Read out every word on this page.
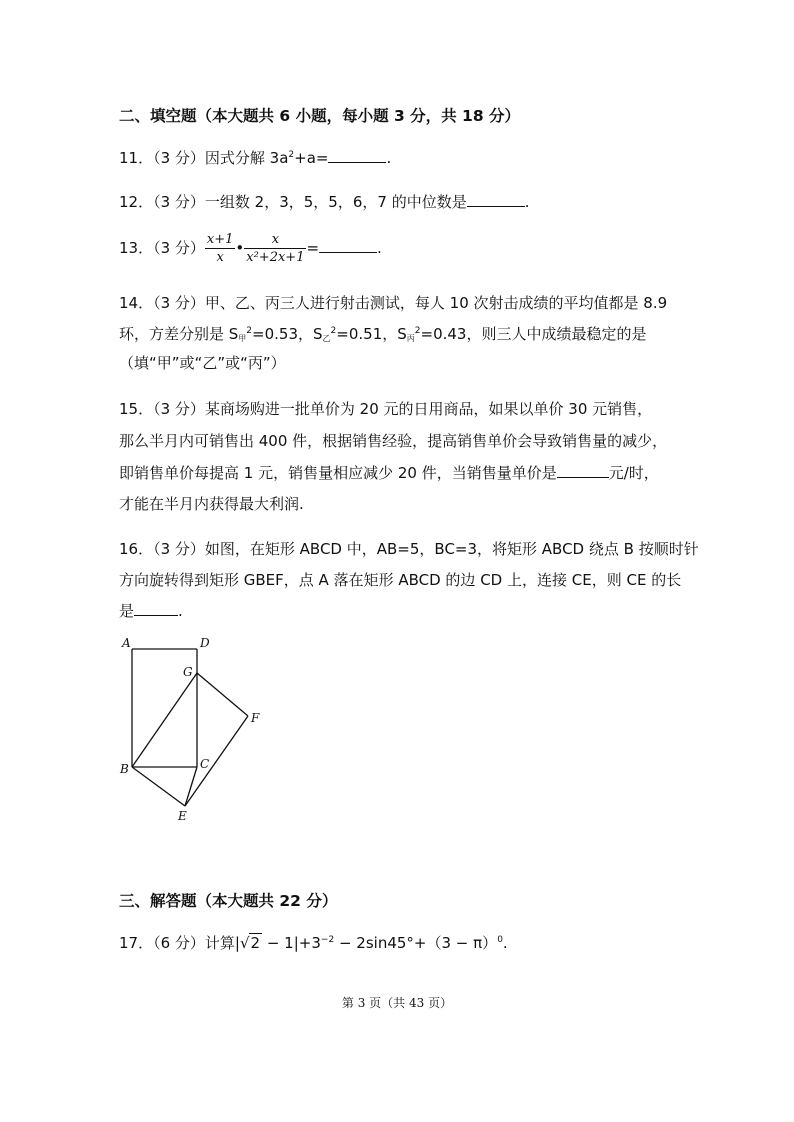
二、填空题（本大题共 6 小题，每小题 3 分，共 18 分）
11．（3 分）因式分解 $3a^2+a=$	.
12．（3 分）一组数 2，3，5，5，6，7 的中位数是	.
13．（3 分） $\frac{x+1}{x}$ • $\frac{x}{\text{x²+2x+1}}$ =	.
14．（3 分）甲、乙、丙三人进行射击测试，每人 10 次射击成绩的平均值都是 8.9
环，方差分别是 $S_甲^2=0.53$，$S_乙^2=0.51$，$S_丙^2=0.43$，则三人中成绩最稳定的是
（填“甲”或“乙”或“丙”）
15．（3 分）某商场购进一批单价为 20 元的日用商品，如果以单价 30 元销售，
那么半月内可销售出 400 件，根据销售经验，提高销售单价会导致销售量的减少，
即销售单价每提高 1 元，销售量相应减少 20 件，当销售量单价是	元/时，
才能在半月内获得最大利润.
16．（3 分）如图，在矩形 ABCD 中，AB=5，BC=3，将矩形 ABCD 绕点 B 按顺时针
方向旋转得到矩形 GBEF，点 A 落在矩形 ABCD 的边 CD 上，连接 CE，则 CE 的长
是	.
A	D
G
F
B	C
E
三、解答题（本大题共 22 分）
17．（6 分）计算$|√2 - 1|+3^{-2} - 2\sin 45^\circ+(3 - \pi)^0$.
第 3 页（共 43 页）
